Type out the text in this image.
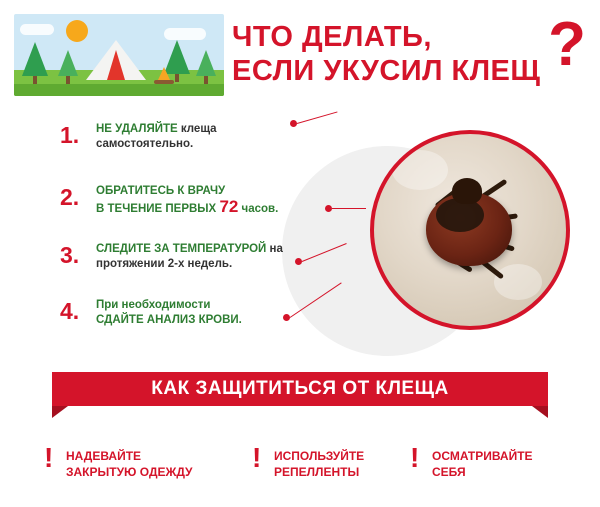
ЧТО ДЕЛАТЬ,
ЕСЛИ УКУСИЛ КЛЕЩ ?
1. НЕ УДАЛЯЙТЕ клеща
самостоятельно.
2. ОБРАТИТЕСЬ К ВРАЧУ
В ТЕЧЕНИЕ ПЕРВЫХ 72 часов.
3. СЛЕДИТЕ ЗА ТЕМПЕРАТУРОЙ на
протяжении 2-х недель.
4. При необходимости
СДАЙТЕ АНАЛИЗ КРОВИ.
КАК ЗАЩИТИТЬСЯ ОТ КЛЕЩА
! НАДЕВАЙТЕ
ЗАКРЫТУЮ ОДЕЖДУ ! ИСПОЛЬЗУЙТЕ
РЕПЕЛЛЕНТЫ ! ОСМАТРИВАЙТЕ
СЕБЯ
